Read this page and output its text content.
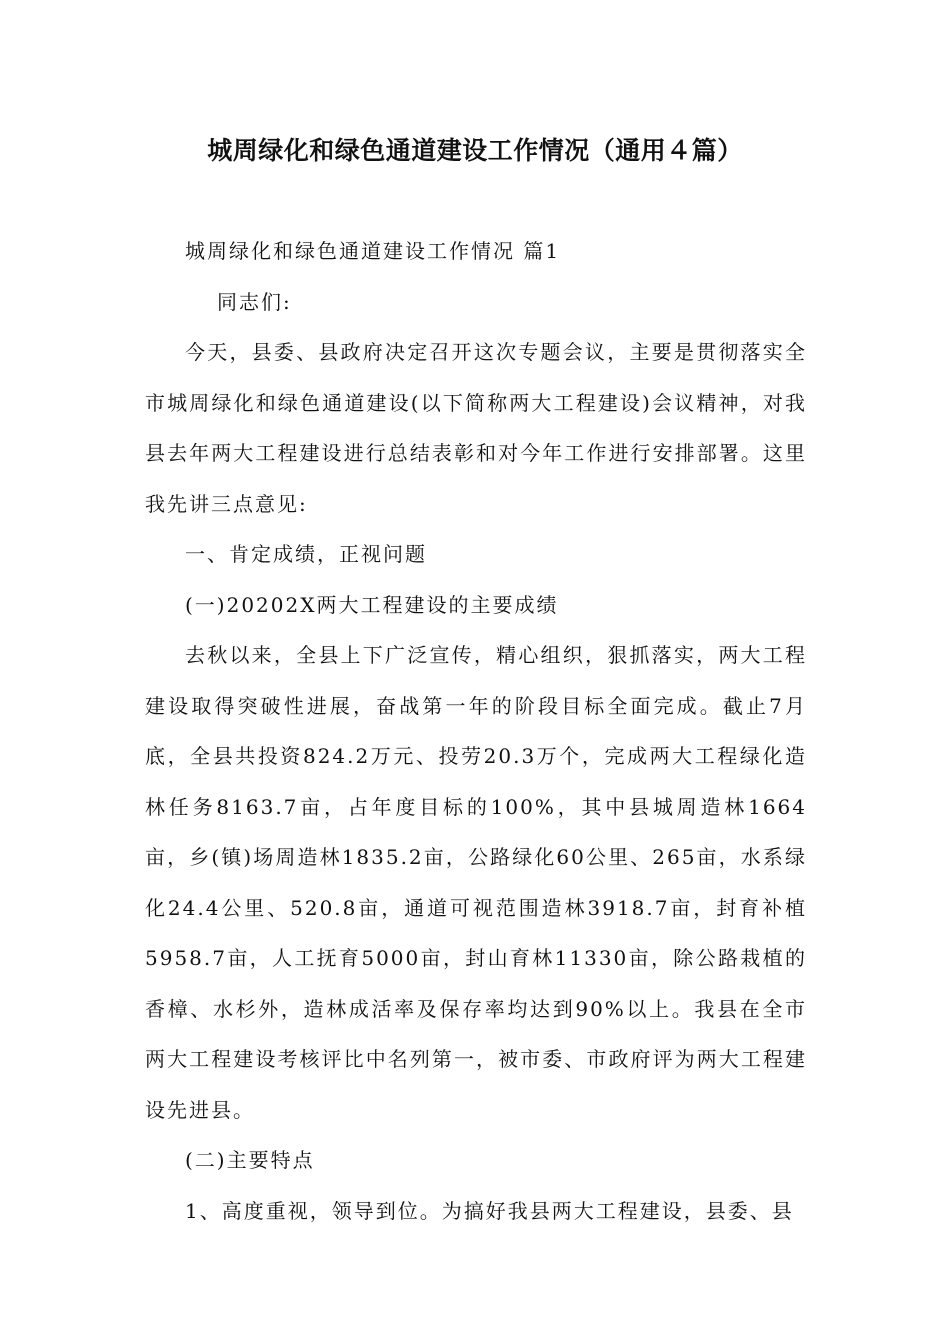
城周绿化和绿色通道建设工作情况（通用４篇）

城周绿化和绿色通道建设工作情况 篇1

同志们:

今天，县委、县政府决定召开这次专题会议，主要是贯彻落实全市城周绿化和绿色通道建设(以下简称两大工程建设)会议精神，对我县去年两大工程建设进行总结表彰和对今年工作进行安排部署。这里我先讲三点意见:

一、肯定成绩，正视问题

(一)20202X两大工程建设的主要成绩

去秋以来，全县上下广泛宣传，精心组织，狠抓落实，两大工程建设取得突破性进展，奋战第一年的阶段目标全面完成。截止7月底，全县共投资824.2万元、投劳20.3万个，完成两大工程绿化造林任务8163.7亩，占年度目标的100%，其中县城周造林1664亩，乡(镇)场周造林1835.2亩，公路绿化60公里、265亩，水系绿化24.4公里、520.8亩，通道可视范围造林3918.7亩，封育补植5958.7亩，人工抚育5000亩，封山育林11330亩，除公路栽植的香樟、水杉外，造林成活率及保存率均达到90%以上。我县在全市两大工程建设考核评比中名列第一，被市委、市政府评为两大工程建设先进县。

(二)主要特点

1、高度重视，领导到位。为搞好我县两大工程建设，县委、县
